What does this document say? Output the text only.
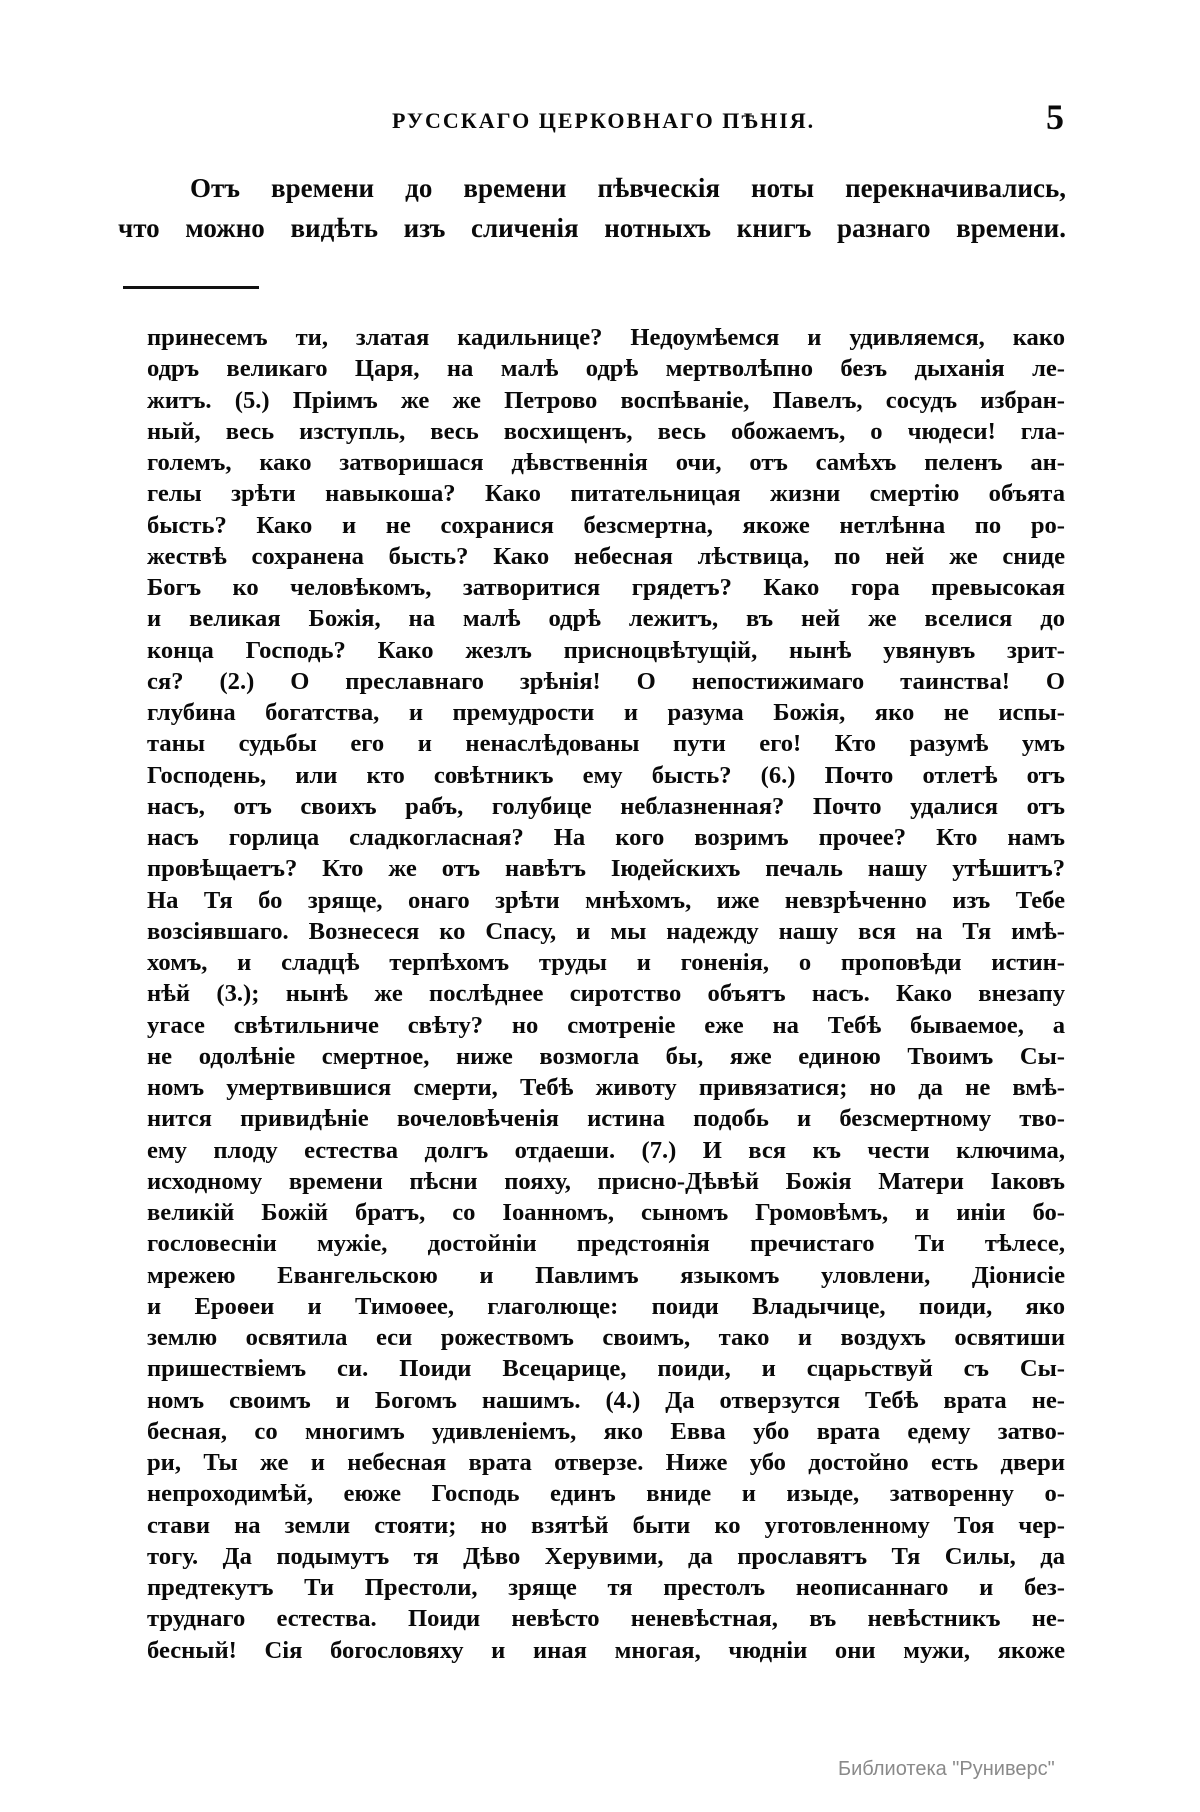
РУССКАГО ЦЕРКОВНАГО ПѢНІЯ.	5
Отъ времени до времени пѣвческія ноты перекначивались,
что можно видѣть изъ сличенія нотныхъ книгъ разнаго времени.
принесемъ ти, златая кадильнице? Недоумѣемся и удивляемся, како
одръ великаго Царя, на малѣ одрѣ мертволѣпно безъ дыханія ле-
житъ. (5.) Пріимъ же же Петрово воспѣваніе, Павелъ, сосудъ избран-
ный, весь изступль, весь восхищенъ, весь обожаемъ, о чюдеси! гла-
големъ, како затворишася дѣвственнія очи, отъ самѣхъ пеленъ ан-
гелы зрѣти навыкоша? Како питательницая жизни смертію объята
бысть? Како и не сохранися безсмертна, якоже нетлѣнна по ро-
жествѣ сохранена бысть? Како небесная лѣствица, по ней же сниде
Богъ ко человѣкомъ, затворитися грядетъ? Како гора превысокая
и великая Божія, на малѣ одрѣ лежитъ, въ ней же вселися до
конца Господь? Како жезлъ присноцвѣтущій, нынѣ увянувъ зрит-
ся? (2.) О преславнаго зрѣнія! О непостижимаго таинства! О
глубина богатства, и премудрости и разума Божія, яко не испы-
таны судьбы его и ненаслѣдованы пути его! Кто разумѣ умъ
Господень, или кто совѣтникъ ему бысть? (6.) Почто отлетѣ отъ
насъ, отъ своихъ рабъ, голубице неблазненная? Почто удалися отъ
насъ горлица сладкогласная? На кого возримъ прочее? Кто намъ
провѣщаетъ? Кто же отъ навѣтъ Іюдейскихъ печаль нашу утѣшитъ?
На Тя бо зряще, онаго зрѣти мнѣхомъ, иже невзрѣченно изъ Тебе
возсіявшаго. Вознесеся ко Спасу, и мы надежду нашу вся на Тя имѣ-
хомъ, и сладцѣ терпѣхомъ труды и гоненія, о проповѣди истин-
нѣй (3.); нынѣ же послѣднее сиротство объятъ насъ. Како внезапу
угасе свѣтильниче свѣту? но смотреніе еже на Тебѣ бываемое, а
не одолѣніе смертное, ниже возмогла бы, яже единою Твоимъ Сы-
номъ умертвившися смерти, Тебѣ животу привязатися; но да не вмѣ-
нится привидѣніе вочеловѣченія истина подобь и безсмертному тво-
ему плоду естества долгъ отдаеши. (7.) И вся къ чести ключима,
исходному времени пѣсни пояху, присно-Дѣвѣй Божія Матери Іаковъ
великій Божій братъ, со Іоанномъ, сыномъ Громовѣмъ, и иніи бо-
гословесніи мужіе, достойніи предстоянія пречистаго Ти тѣлесе,
мрежею Евангельскою и Павлимъ языкомъ уловлени, Діонисіе
и Ероѳеи и Тимоѳее, глаголюще: поиди Владычице, поиди, яко
землю освятила еси рожествомъ своимъ, тако и воздухъ освятиши
пришествіемъ си. Поиди Всецарице, поиди, и сцарьствуй съ Сы-
номъ своимъ и Богомъ нашимъ. (4.) Да отверзутся Тебѣ врата не-
бесная, со многимъ удивленіемъ, яко Евва убо врата едему затво-
ри, Ты же и небесная врата отверзе. Ниже убо достойно есть двери
непроходимѣй, еюже Господь единъ вниде и изыде, затворенну о-
стави на земли стояти; но взятѣй быти ко уготовленному Тоя чер-
тогу. Да подымутъ тя Дѣво Херувими, да прославятъ Тя Силы, да
предтекутъ Ти Престоли, зряще тя престолъ неописаннаго и без-
труднаго естества. Поиди невѣсто неневѣстная, въ невѣстникъ не-
бесный! Сія богословяху и иная многая, чюдніи они мужи, якоже
Библиотека "Руниверс"
